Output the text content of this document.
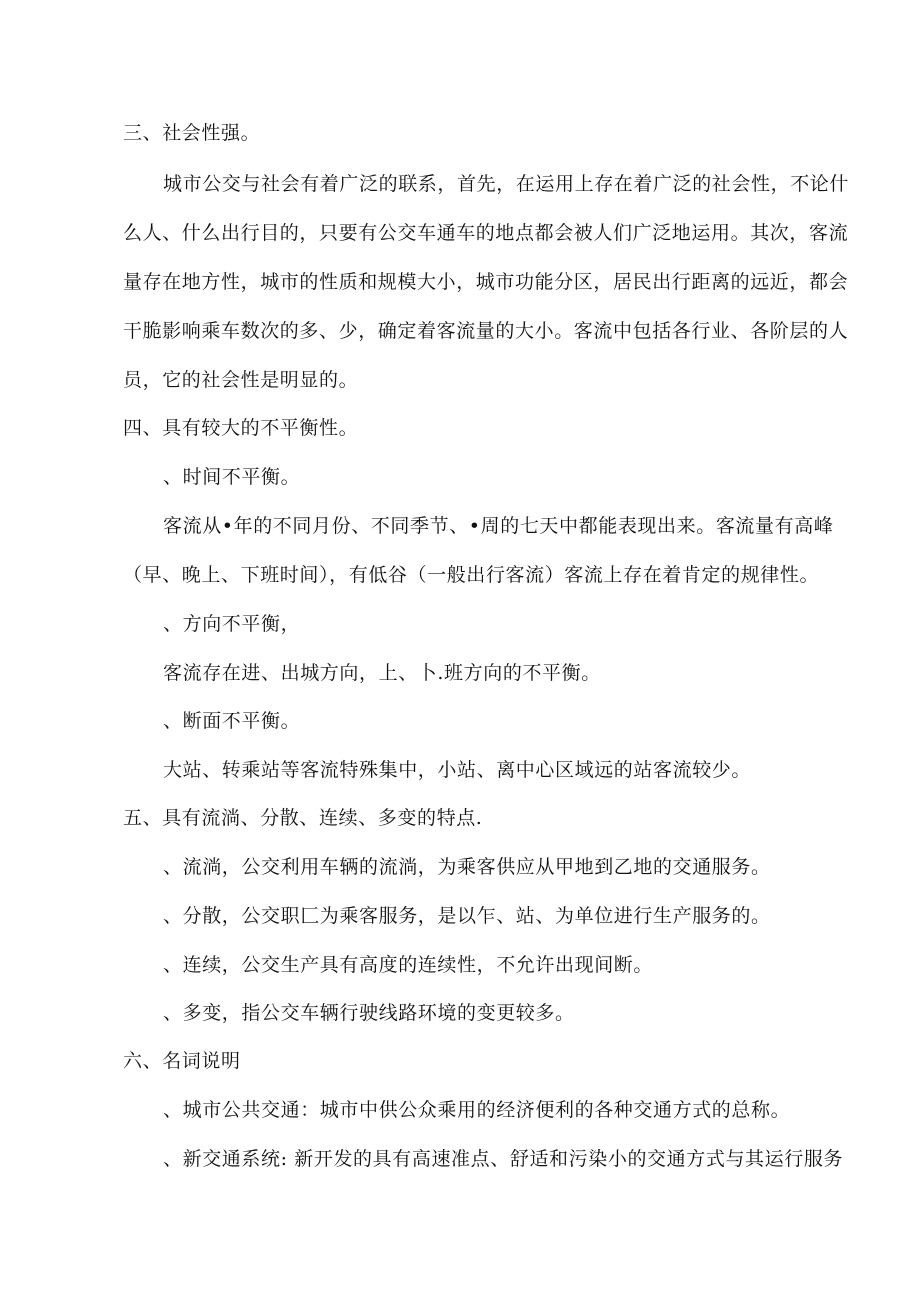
三、社会性强。
城市公交与社会有着广泛的联系，首先，在运用上存在着广泛的社会性，不论什
么人、什么出行目的，只要有公交车通车的地点都会被人们广泛地运用。其次，客流
量存在地方性，城市的性质和规模大小，城市功能分区，居民出行距离的远近，都会
干脆影响乘车数次的多、少，确定着客流量的大小。客流中包括各行业、各阶层的人
员，它的社会性是明显的。
四、具有较大的不平衡性。
、时间不平衡。
客流从•年的不同月份、不同季节、•周的七天中都能表现出来。客流量有高峰
（早、晚上、下班时间），有低谷（一般出行客流）客流上存在着肯定的规律性。
、方向不平衡，
客流存在进、出城方向，上、卜.班方向的不平衡。
、断面不平衡。
大站、转乘站等客流特殊集中，小站、离中心区域远的站客流较少。
五、具有流淌、分散、连续、多变的特点.
、流淌，公交利用车辆的流淌，为乘客供应从甲地到乙地的交通服务。
、分散，公交职匚为乘客服务，是以乍、站、为单位进行生产服务的。
、连续，公交生产具有高度的连续性，不允许出现间断。
、多变，指公交车辆行驶线路环境的变更较多。
六、名词说明
、城市公共交通：城市中供公众乘用的经济便利的各种交通方式的总称。
、新交通系统: 新开发的具有高速准点、舒适和污染小的交通方式与其运行服务
